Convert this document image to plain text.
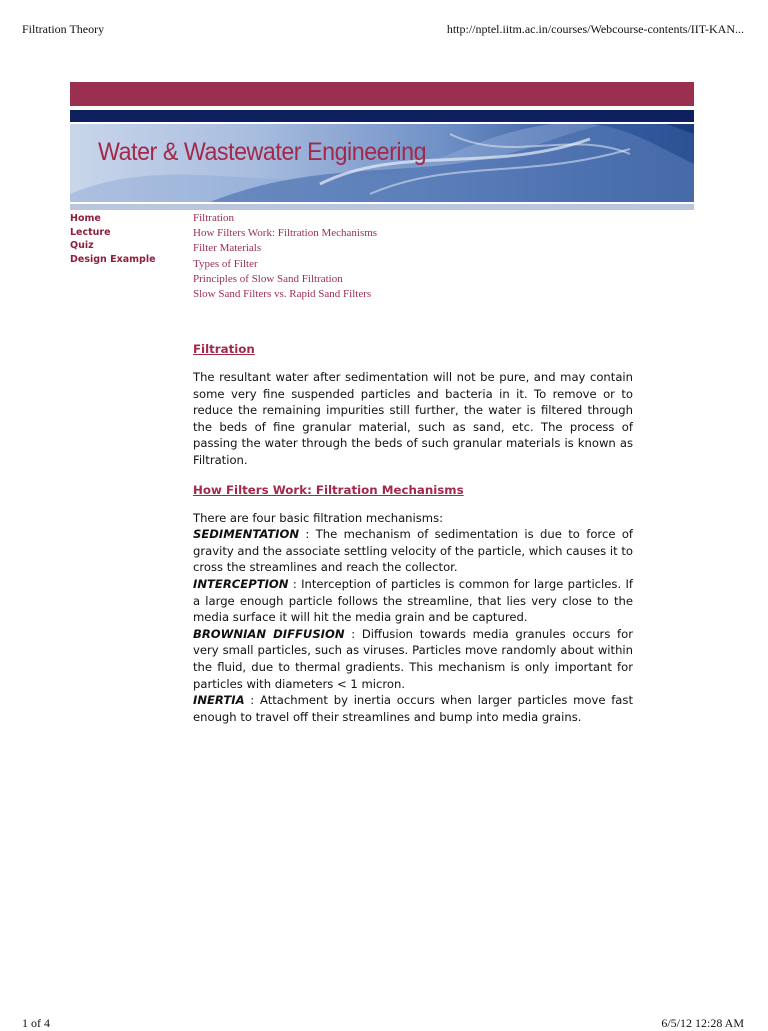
Filtration Theory	http://nptel.iitm.ac.in/courses/Webcourse-contents/IIT-KAN...
Water & Wastewater Engineering
Home
Lecture
Quiz
Design Example
Filtration
How Filters Work: Filtration Mechanisms
Filter Materials
Types of Filter
Principles of Slow Sand Filtration
Slow Sand Filters vs. Rapid Sand Filters
Filtration

The resultant water after sedimentation will not be pure, and may contain some very fine suspended particles and bacteria in it. To remove or to reduce the remaining impurities still further, the water is filtered through the beds of fine granular material, such as sand, etc. The process of passing the water through the beds of such granular materials is known as Filtration.

How Filters Work: Filtration Mechanisms

There are four basic filtration mechanisms:

SEDIMENTATION : The mechanism of sedimentation is due to force of gravity and the associate settling velocity of the particle, which causes it to cross the streamlines and reach the collector.

INTERCEPTION : Interception of particles is common for large particles. If a large enough particle follows the streamline, that lies very close to the media surface it will hit the media grain and be captured.

BROWNIAN DIFFUSION : Diffusion towards media granules occurs for very small particles, such as viruses. Particles move randomly about within the fluid, due to thermal gradients. This mechanism is only important for particles with diameters < 1 micron.

INERTIA : Attachment by inertia occurs when larger particles move fast enough to travel off their streamlines and bump into media grains.

1 of 4	6/5/12 12:28 AM
